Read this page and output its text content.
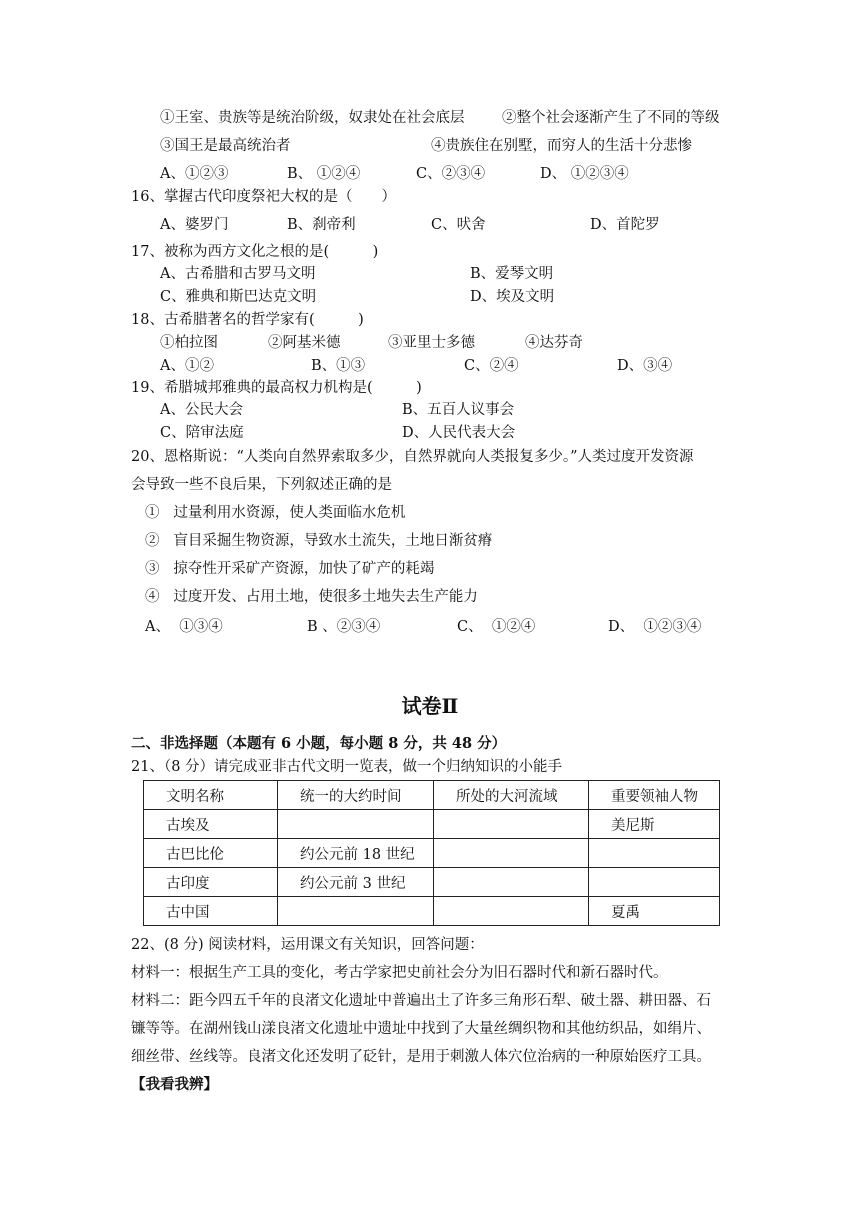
①王室、贵族等是统治阶级，奴隶处在社会底层	②整个社会逐渐产生了不同的等级
③国王是最高统治者	④贵族住在别墅，而穷人的生活十分悲惨
A、①②③	B、 ①②④	C、②③④	D、 ①②③④
16、掌握古代印度祭祀大权的是（　　）
A、婆罗门	B、刹帝利	C、吠舍	D、首陀罗
17、被称为西方文化之根的是(　　　)
A、古希腊和古罗马文明	B、爱琴文明
C、雅典和斯巴达克文明	D、埃及文明
18、古希腊著名的哲学家有(　　　)
①柏拉图	②阿基米德	③亚里士多德	④达芬奇
A、①②	B、①③	C、②④	D、③④
19、希腊城邦雅典的最高权力机构是(　　　)
A、公民大会	B、五百人议事会
C、陪审法庭	D、人民代表大会
20、恩格斯说：“人类向自然界索取多少，自然界就向人类报复多少。”人类过度开发资源
会导致一些不良后果，下列叙述正确的是
①   过量利用水资源，使人类面临水危机
②   盲目采掘生物资源，导致水土流失，土地日渐贫瘠
③   掠夺性开采矿产资源，加快了矿产的耗竭
④   过度开发、占用土地，使很多土地失去生产能力
A、  ①③④	B 、②③④	C、  ①②④	D、  ①②③④
试卷Ⅱ
二、非选择题（本题有 6 小题，每小题 8 分，共 48 分）
21、（8 分）请完成亚非古代文明一览表，做一个归纳知识的小能手
文明名称	统一的大约时间	所处的大河流域	重要领袖人物
古埃及			美尼斯
古巴比伦	约公元前 18 世纪		
古印度	约公元前 3 世纪		
古中国			夏禹
22、(8 分) 阅读材料，运用课文有关知识，回答问题：
材料一：根据生产工具的变化，考古学家把史前社会分为旧石器时代和新石器时代。
材料二：距今四五千年的良渚文化遗址中普遍出土了许多三角形石犁、破土器、耕田器、石
镰等等。在湖州钱山漾良渚文化遗址中遗址中找到了大量丝绸织物和其他纺织品，如绢片、
细丝带、丝线等。良渚文化还发明了砭针，是用于刺激人体穴位治病的一种原始医疗工具。
【我看我辨】
